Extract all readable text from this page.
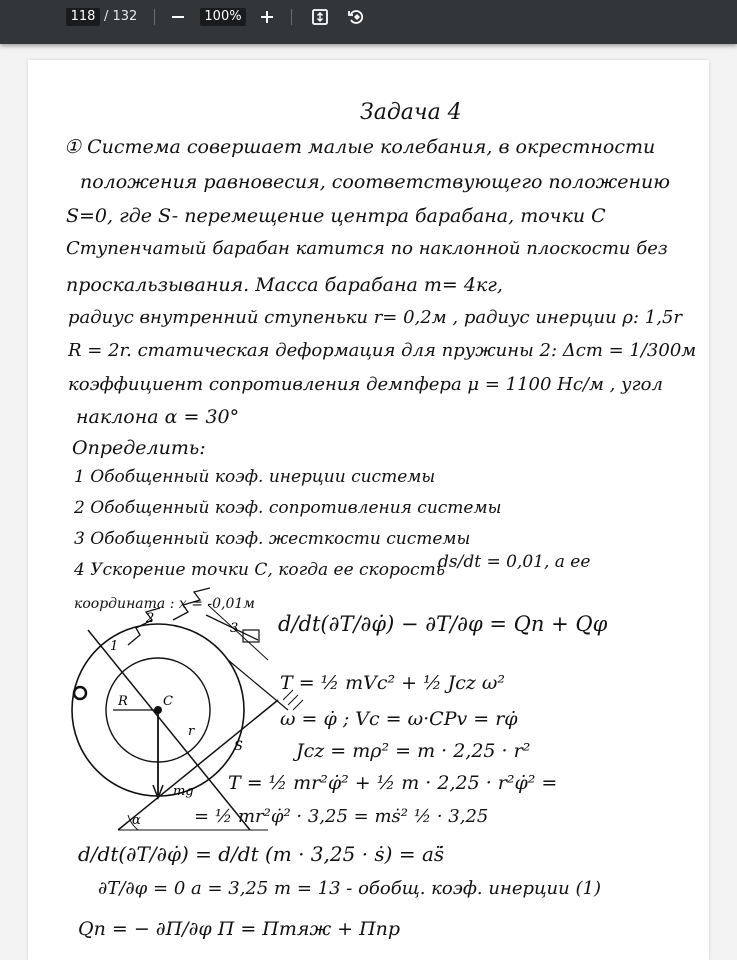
118 / 132	100%
Задача 4
① Система совершает малые колебания, в окрестности
положения равновесия, соответствующего положению
S=0, где S- перемещение центра барабана, точки C
Ступенчатый барабан катится по наклонной плоскости без
проскальзывания. Масса барабана m= 4кг,
радиус внутренний ступеньки r= 0,2м , радиус инерции ρ: 1,5r
R = 2r. статическая деформация для пружины 2: Δст = 1/300м
коэффициент сопротивления демпфера μ = 1100 Нс/м , угол
наклона α = 30°
Определить:
1 Обобщенный коэф. инерции системы
2 Обобщенный коэф. сопротивления системы
3 Обобщенный коэф. жесткости системы
4 Ускорение точки С, когда ее скорость
ds/dt = 0,01, а ее
координата : x = -0,01м
1
2
3
R	C
S
mg
α
r
d/dt(∂T/∂φ̇) − ∂T/∂φ = Qп + Qφ
T = ½ mVc² + ½ Jcz ω²
ω = φ̇ ; Vc = ω·CPv = rφ̇
Jcz = mρ² = m · 2,25 · r²
T = ½ mr²φ̇² + ½ m · 2,25 · r²φ̇² =
= ½ mr²φ̇² · 3,25 = mṡ² ½ · 3,25
d/dt(∂T/∂φ̇) = d/dt (m · 3,25 · ṡ) = aṡ̈
∂T/∂φ = 0 a = 3,25 m = 13 - обобщ. коэф. инерции (1)
Qп = − ∂П/∂φ П = Птяж + Ппр
